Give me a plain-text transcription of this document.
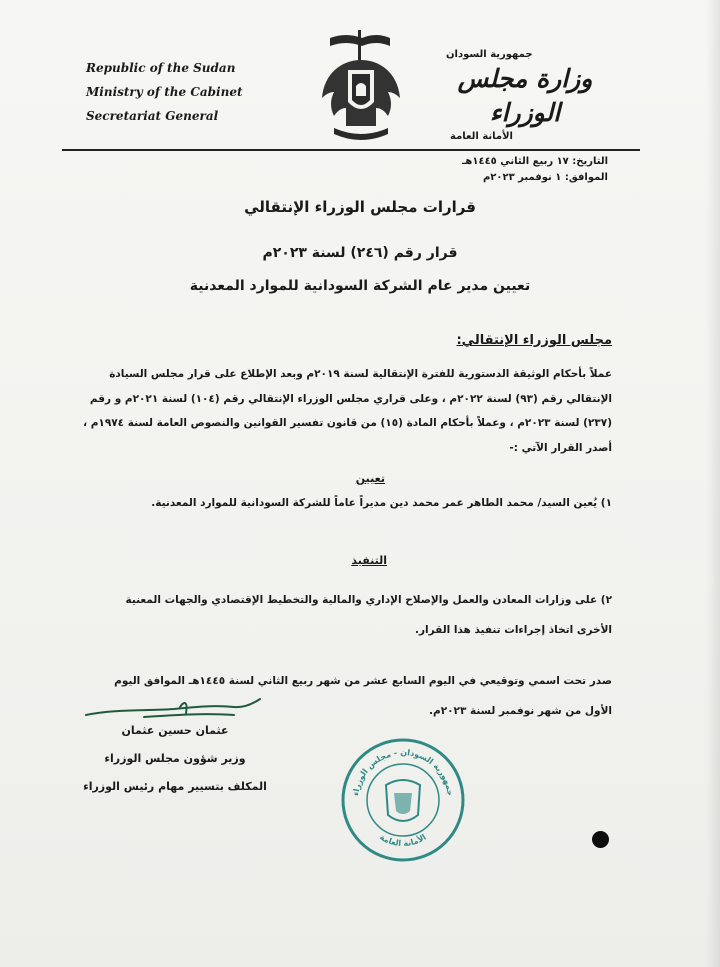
Republic of the Sudan
Ministry of the Cabinet
Secretariat General
جمهورية السودان
وزارة مجلس الوزراء
الأمانة العامة
التاريخ: ١٧ ربيع الثاني ١٤٤٥هـ
الموافق: ١ نوفمبر ٢٠٢٣م
قرارات مجلس الوزراء الإنتقالي
قرار رقم (٢٤٦) لسنة ٢٠٢٣م
تعيين مدير عام الشركة السودانية للموارد المعدنية
مجلس الوزراء الإنتقالي:
عملاً بأحكام الوثيقة الدستورية للفترة الإنتقالية لسنة ٢٠١٩م وبعد الإطلاع على قرار مجلس السيادة الإنتقالي رقم (٩٣) لسنة ٢٠٢٢م ، وعلى قراري مجلس الوزراء الإنتقالي رقم (١٠٤) لسنة ٢٠٢١م و رقم (٢٣٧) لسنة ٢٠٢٣م ، وعملاً بأحكام المادة (١٥) من قانون تفسير القوانين والنصوص العامة لسنة ١٩٧٤م ، أصدر القرار الآتي :-
تعيين
١) يُعين السيد/ محمد الطاهر عمر محمد دين مديراً عاماً للشركة السودانية للموارد المعدنية.
التنفيذ
٢) على وزارات المعادن والعمل والإصلاح الإداري والمالية والتخطيط الإقتصادي والجهات المعنية الأخرى اتخاذ إجراءات تنفيذ هذا القرار.
صدر تحت اسمي وتوقيعي في اليوم السابع عشر من شهر ربيع الثاني لسنة ١٤٤٥هـ الموافق اليوم الأول من شهر نوفمبر لسنة ٢٠٢٣م.
عثمان حسين عثمان
وزير شؤون مجلس الوزراء
المكلف بتسيير مهام رئيس الوزراء
جمهورية السودان - مجلس الوزراء
الأمانة العامة
